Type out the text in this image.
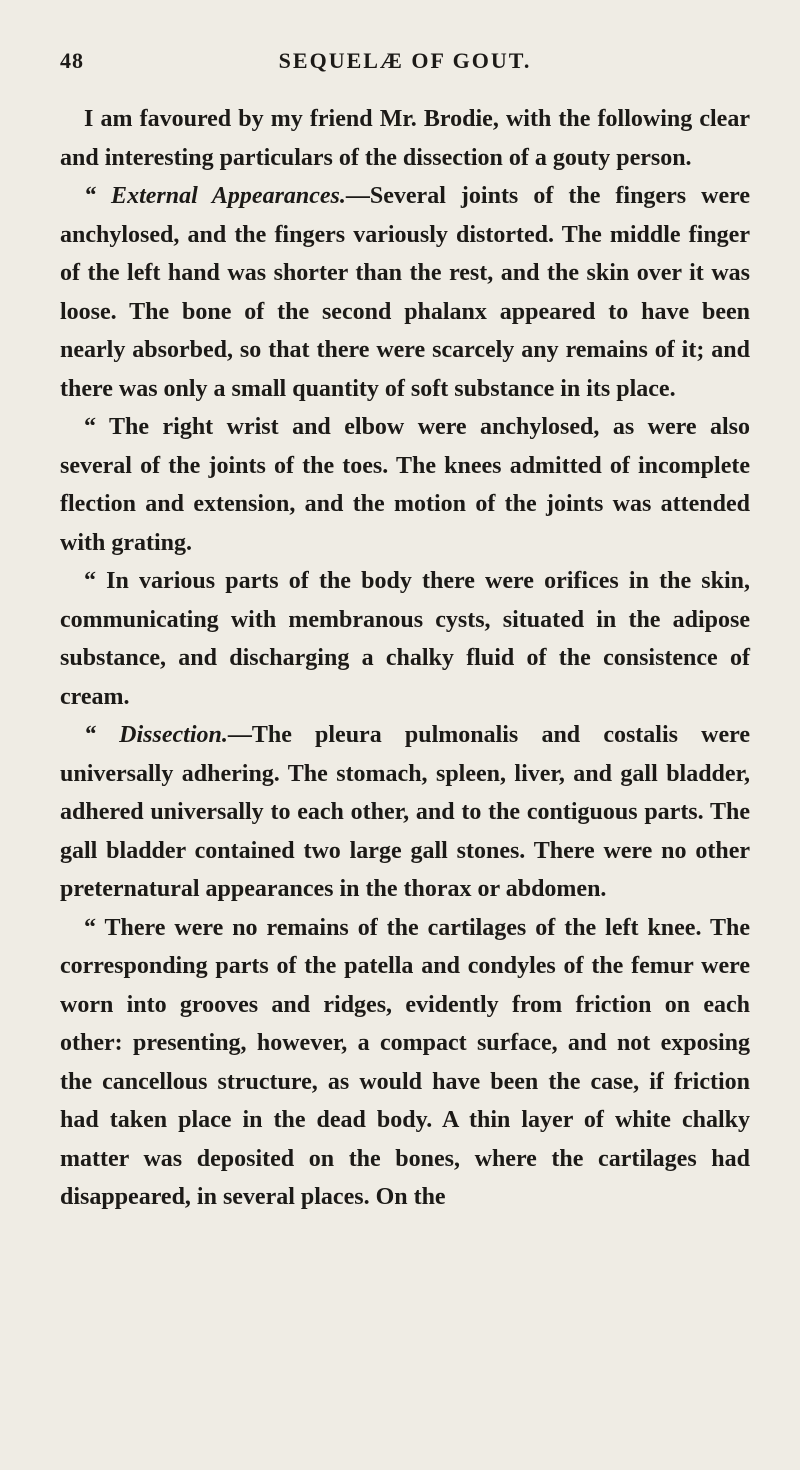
48	SEQUELÆ OF GOUT.

I am favoured by my friend Mr. Brodie, with the following clear and interesting particulars of the dissection of a gouty person.

“ External Appearances.—Several joints of the fingers were anchylosed, and the fingers variously distorted. The middle finger of the left hand was shorter than the rest, and the skin over it was loose. The bone of the second phalanx appeared to have been nearly absorbed, so that there were scarcely any remains of it; and there was only a small quantity of soft substance in its place.

“ The right wrist and elbow were anchylosed, as were also several of the joints of the toes. The knees admitted of incomplete flection and extension, and the motion of the joints was attended with grating.

“ In various parts of the body there were orifices in the skin, communicating with membranous cysts, situated in the adipose substance, and discharging a chalky fluid of the consistence of cream.

“ Dissection.—The pleura pulmonalis and costalis were universally adhering. The stomach, spleen, liver, and gall bladder, adhered universally to each other, and to the contiguous parts. The gall bladder contained two large gall stones. There were no other preternatural appearances in the thorax or abdomen.

“ There were no remains of the cartilages of the left knee. The corresponding parts of the patella and condyles of the femur were worn into grooves and ridges, evidently from friction on each other: presenting, however, a compact surface, and not exposing the cancellous structure, as would have been the case, if friction had taken place in the dead body. A thin layer of white chalky matter was deposited on the bones, where the cartilages had disappeared, in several places. On the
